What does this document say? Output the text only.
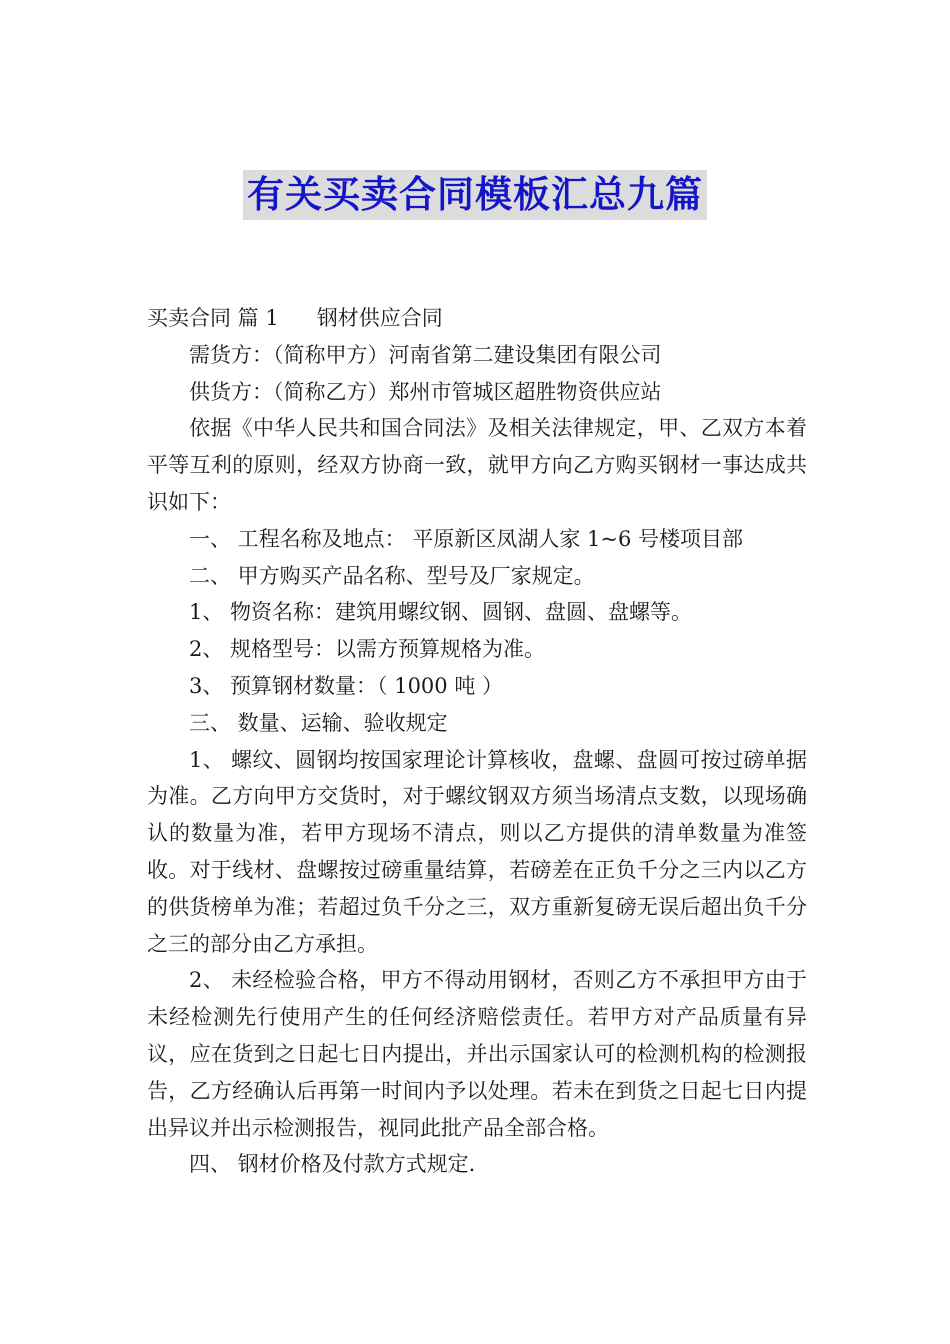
有关买卖合同模板汇总九篇
买卖合同 篇 1 钢材供应合同
需货方：（简称甲方）河南省第二建设集团有限公司
供货方：（简称乙方）郑州市管城区超胜物资供应站

依据《中华人民共和国合同法》及相关法律规定，甲、乙双方本着平等互利的原则，经双方协商一致，就甲方向乙方购买钢材一事达成共识如下：

一、 工程名称及地点： 平原新区凤湖人家 1~6 号楼项目部
二、 甲方购买产品名称、型号及厂家规定。
1、 物资名称：建筑用螺纹钢、圆钢、盘圆、盘螺等。
2、 规格型号：以需方预算规格为准。
3、 预算钢材数量：（ 1000 吨 ）
三、 数量、运输、验收规定

1、 螺纹、圆钢均按国家理论计算核收，盘螺、盘圆可按过磅单据为准。乙方向甲方交货时，对于螺纹钢双方须当场清点支数，以现场确认的数量为准，若甲方现场不清点，则以乙方提供的清单数量为准签收。对于线材、盘螺按过磅重量结算，若磅差在正负千分之三内以乙方的供货榜单为准；若超过负千分之三，双方重新复磅无误后超出负千分之三的部分由乙方承担。

2、 未经检验合格，甲方不得动用钢材，否则乙方不承担甲方由于未经检测先行使用产生的任何经济赔偿责任。若甲方对产品质量有异议，应在货到之日起七日内提出，并出示国家认可的检测机构的检测报告，乙方经确认后再第一时间内予以处理。若未在到货之日起七日内提出异议并出示检测报告，视同此批产品全部合格。

四、 钢材价格及付款方式规定.
